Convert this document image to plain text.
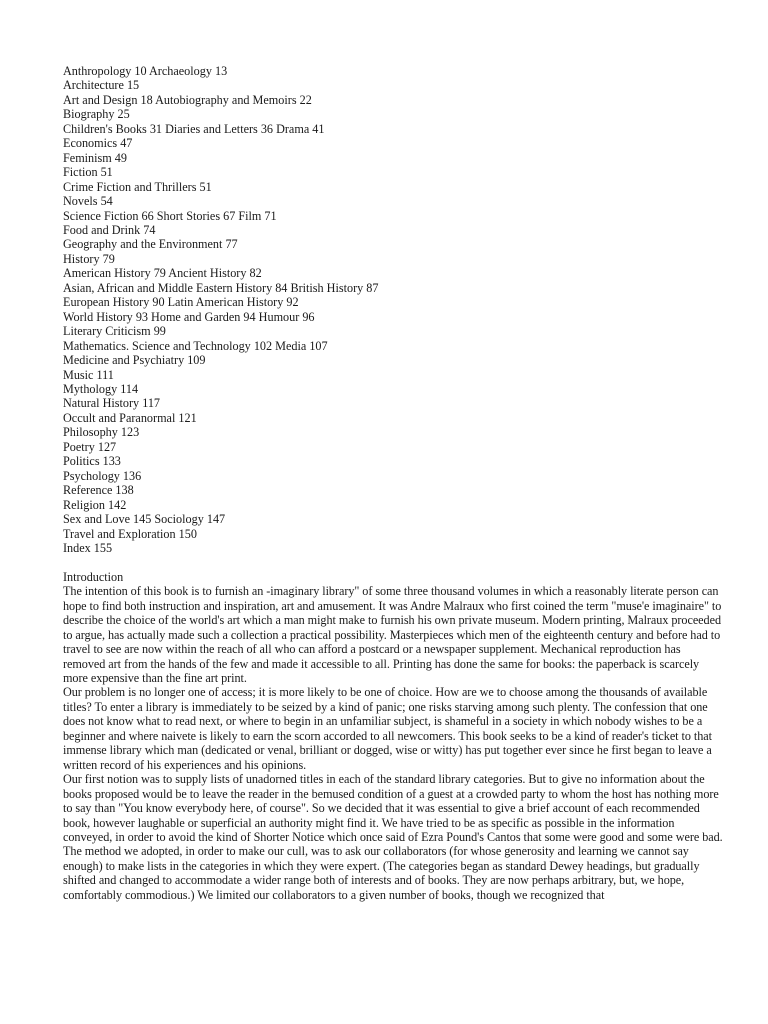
Anthropology 10 Archaeology 13
Architecture 15
Art and Design 18 Autobiography and Memoirs 22
Biography 25
Children's Books 31 Diaries and Letters 36 Drama 41
Economics 47
Feminism 49
Fiction 51
Crime Fiction and Thrillers 51
Novels 54
Science Fiction 66 Short Stories 67 Film 71
Food and Drink 74
Geography and the Environment 77
History 79
American History 79 Ancient History 82
Asian, African and Middle Eastern History 84 British History 87
European History 90 Latin American History 92
World History 93 Home and Garden 94 Humour 96
Literary Criticism 99
Mathematics. Science and Technology 102 Media 107
Medicine and Psychiatry 109
Music 111
Mythology 114
Natural History 117
Occult and Paranormal 121
Philosophy 123
Poetry 127
Politics 133
Psychology 136
Reference 138
Religion 142
Sex and Love 145 Sociology 147
Travel and Exploration 150
Index 155
Introduction

The intention of this book is to furnish an -imaginary library" of some three thousand volumes in which a reasonably literate person can hope to find both instruction and inspiration, art and amusement. It was Andre Malraux who first coined the term "muse'e imaginaire" to describe the choice of the world's art which a man might make to furnish his own private museum. Modern printing, Malraux proceeded to argue, has actually made such a collection a practical possibility. Masterpieces which men of the eighteenth century and before had to travel to see are now within the reach of all who can afford a postcard or a newspaper supplement. Mechanical reproduction has removed art from the hands of the few and made it accessible to all. Printing has done the same for books: the paperback is scarcely more expensive than the fine art print.

Our problem is no longer one of access; it is more likely to be one of choice. How are we to choose among the thousands of available titles? To enter a library is immediately to be seized by a kind of panic; one risks starving among such plenty. The confession that one does not know what to read next, or where to begin in an unfamiliar subject, is shameful in a society in which nobody wishes to be a beginner and where naivete is likely to earn the scorn accorded to all newcomers. This book seeks to be a kind of reader's ticket to that immense library which man (dedicated or venal, brilliant or dogged, wise or witty) has put together ever since he first began to leave a written record of his experiences and his opinions.

Our first notion was to supply lists of unadorned titles in each of the standard library categories. But to give no information about the books proposed would be to leave the reader in the bemused condition of a guest at a crowded party to whom the host has nothing more to say than "You know everybody here, of course". So we decided that it was essential to give a brief account of each recommended book, however laughable or superficial an authority might find it. We have tried to be as specific as possible in the information conveyed, in order to avoid the kind of Shorter Notice which once said of Ezra Pound's Cantos that some were good and some were bad.

The method we adopted, in order to make our cull, was to ask our collaborators (for whose generosity and learning we cannot say enough) to make lists in the categories in which they were expert. (The categories began as standard Dewey headings, but gradually shifted and changed to accommodate a wider range both of interests and of books. They are now perhaps arbitrary, but, we hope, comfortably commodious.) We limited our collaborators to a given number of books, though we recognized that
